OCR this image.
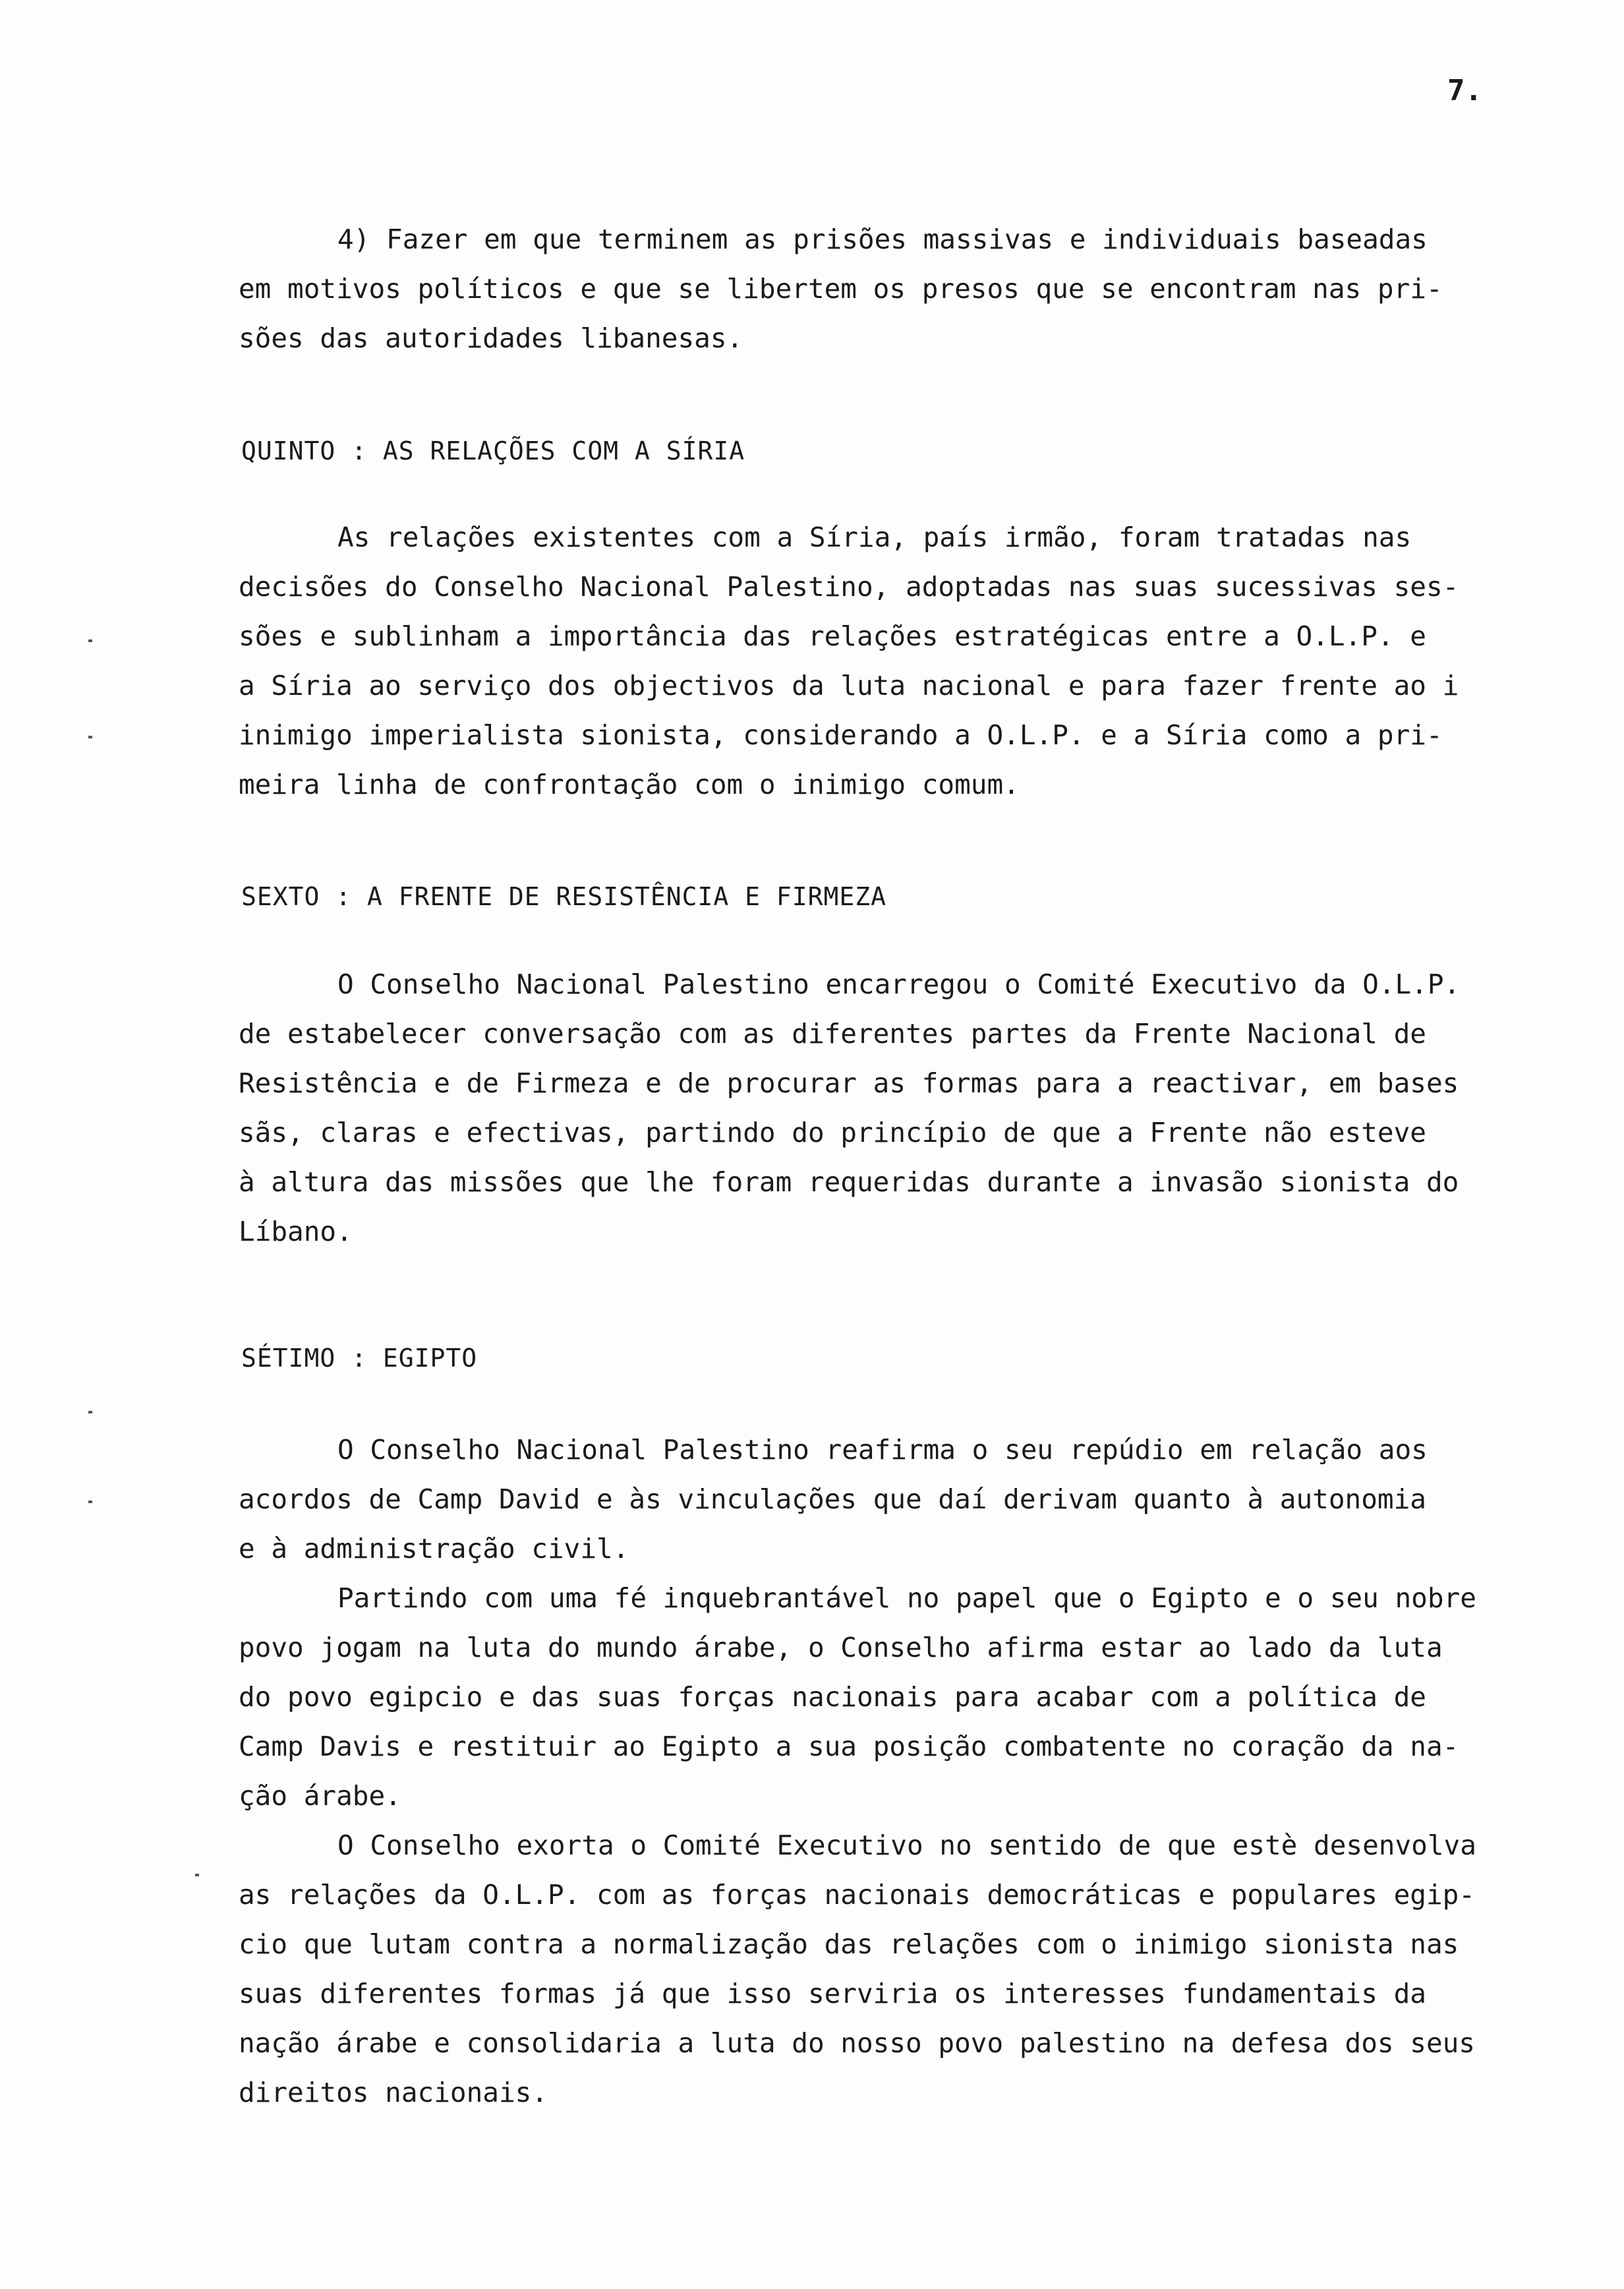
7.
4) Fazer em que terminem as prisões massivas e individuais baseadas
em motivos políticos e que se libertem os presos que se encontram nas pri-
sões das autoridades libanesas.
QUINTO : AS RELAÇÕES COM A SÍRIA
As relações existentes com a Síria, país irmão, foram tratadas nas
decisões do Conselho Nacional Palestino, adoptadas nas suas sucessivas ses-
sões e sublinham a importância das relações estratégicas entre a O.L.P. e
a Síria ao serviço dos objectivos da luta nacional e para fazer frente ao i
inimigo imperialista sionista, considerando a O.L.P. e a Síria como a pri-
meira linha de confrontação com o inimigo comum.
SEXTO : A FRENTE DE RESISTÊNCIA E FIRMEZA
O Conselho Nacional Palestino encarregou o Comité Executivo da O.L.P.
de estabelecer conversação com as diferentes partes da Frente Nacional de
Resistência e de Firmeza e de procurar as formas para a reactivar, em bases
sãs, claras e efectivas, partindo do princípio de que a Frente não esteve
à altura das missões que lhe foram requeridas durante a invasão sionista do
Líbano.
SÉTIMO : EGIPTO
O Conselho Nacional Palestino reafirma o seu repúdio em relação aos
acordos de Camp David e às vinculações que daí derivam quanto à autonomia
e à administração civil.
Partindo com uma fé inquebrantável no papel que o Egipto e o seu nobre
povo jogam na luta do mundo árabe, o Conselho afirma estar ao lado da luta
do povo egipcio e das suas forças nacionais para acabar com a política de
Camp Davis e restituir ao Egipto a sua posição combatente no coração da na-
ção árabe.
O Conselho exorta o Comité Executivo no sentido de que estè desenvolva
as relações da O.L.P. com as forças nacionais democráticas e populares egip-
cio que lutam contra a normalização das relações com o inimigo sionista nas
suas diferentes formas já que isso serviria os interesses fundamentais da
nação árabe e consolidaria a luta do nosso povo palestino na defesa dos seus
direitos nacionais.
